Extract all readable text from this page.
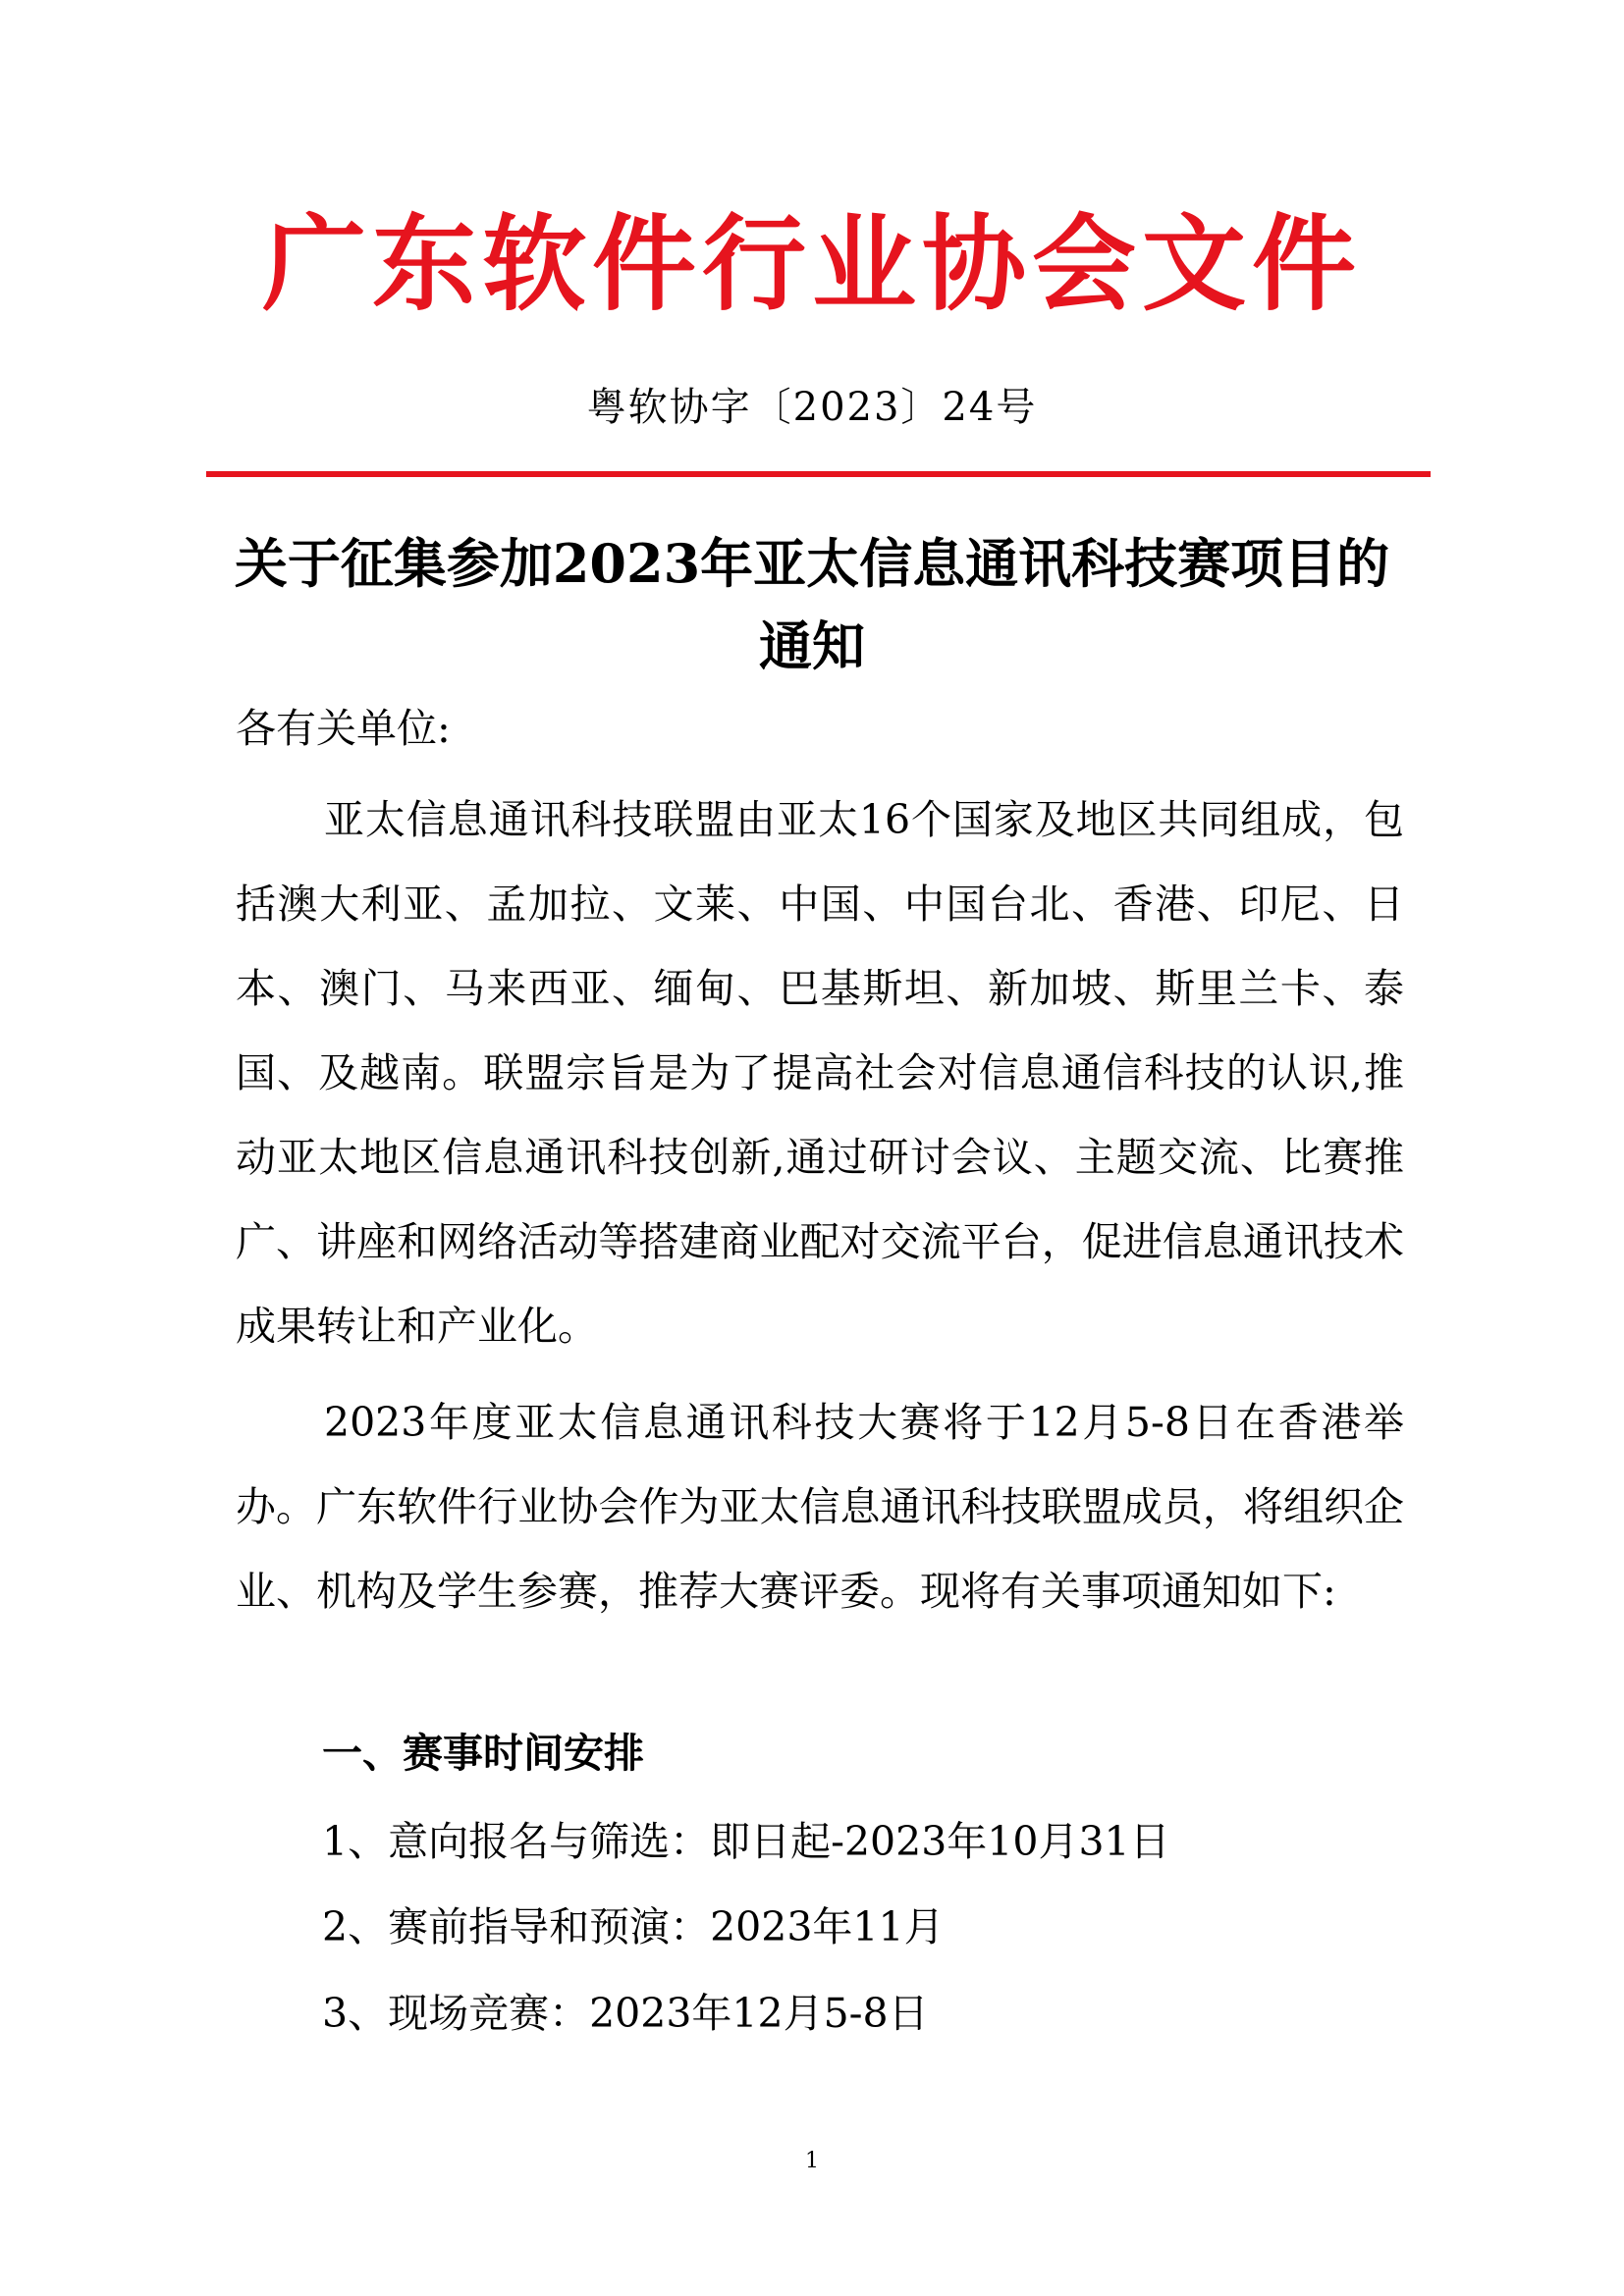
广东软件行业协会文件
粤软协字〔2023〕24号
关于征集参加2023年亚太信息通讯科技赛项目的通知
各有关单位:
亚太信息通讯科技联盟由亚太16个国家及地区共同组成，包括澳大利亚、孟加拉、文莱、中国、中国台北、香港、印尼、日本、澳门、马来西亚、缅甸、巴基斯坦、新加坡、斯里兰卡、泰国、及越南。联盟宗旨是为了提高社会对信息通信科技的认识,推动亚太地区信息通讯科技创新,通过研讨会议、主题交流、比赛推广、讲座和网络活动等搭建商业配对交流平台，促进信息通讯技术成果转让和产业化。
2023年度亚太信息通讯科技大赛将于12月5-8日在香港举办。广东软件行业协会作为亚太信息通讯科技联盟成员，将组织企业、机构及学生参赛，推荐大赛评委。现将有关事项通知如下:
一、赛事时间安排
1、意向报名与筛选：即日起-2023年10月31日
2、赛前指导和预演：2023年11月
3、现场竞赛：2023年12月5-8日
1
